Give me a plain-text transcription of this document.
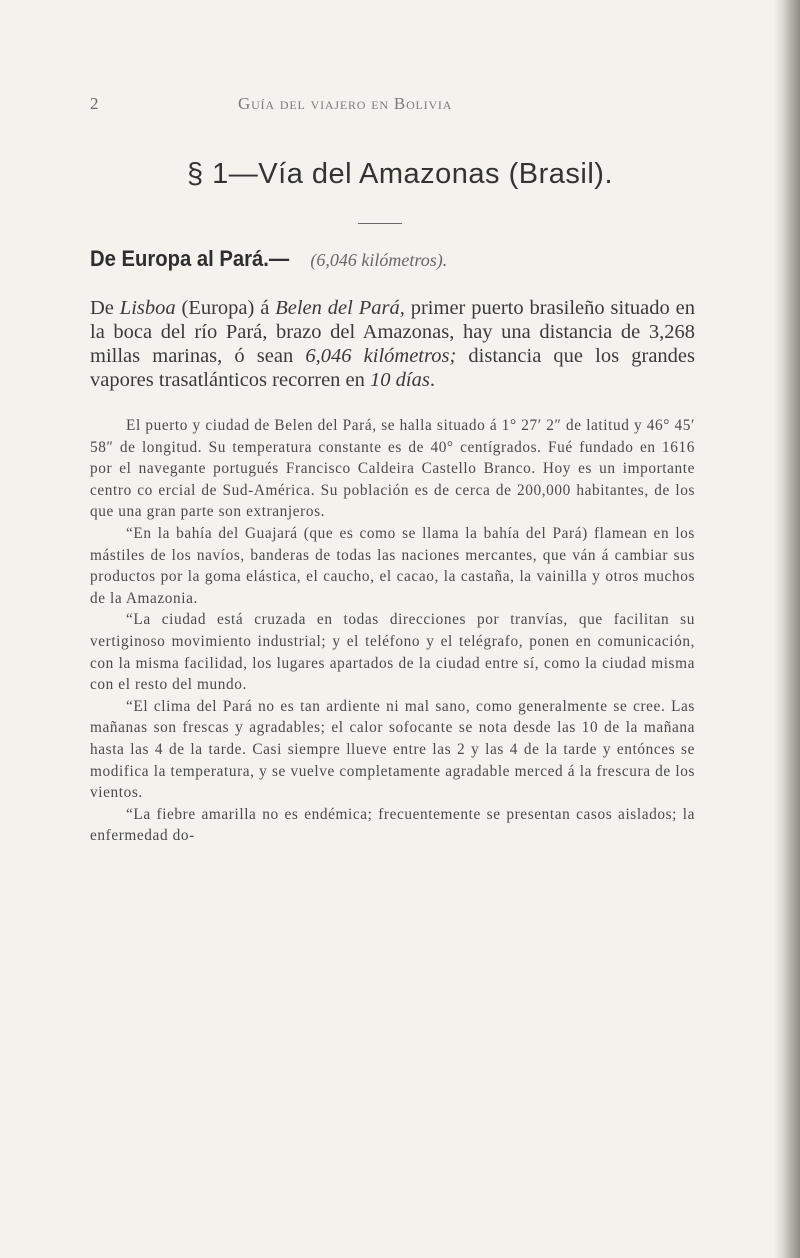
2	Guía del viajero en Bolivia
§ 1—Vía del Amazonas (Brasil).
De Europa al Pará.— (6,046 kilómetros).
De Lisboa (Europa) á Belen del Pará, primer puerto brasileño situado en la boca del río Pará, brazo del Amazonas, hay una distancia de 3,268 millas marinas, ó sean 6,046 kilómetros; distancia que los grandes vapores trasatlánticos recorren en 10 días.

El puerto y ciudad de Belen del Pará, se halla situado á 1° 27′ 2″ de latitud y 46° 45′ 58″ de longitud. Su temperatura constante es de 40° centígrados. Fué fundado en 1616 por el navegante portugués Francisco Caldeira Castello Branco. Hoy es un importante centro co ercial de Sud-América. Su población es de cerca de 200,000 habitantes, de los que una gran parte son extranjeros.

“En la bahía del Guajará (que es como se llama la bahía del Pará) flamean en los mástiles de los navíos, banderas de todas las naciones mercantes, que ván á cambiar sus productos por la goma elástica, el caucho, el cacao, la castaña, la vainilla y otros muchos de la Amazonia.

“La ciudad está cruzada en todas direcciones por tranvías, que facilitan su vertiginoso movimiento industrial; y el teléfono y el telégrafo, ponen en comunicación, con la misma facilidad, los lugares apartados de la ciudad entre sí, como la ciudad misma con el resto del mundo.

“El clima del Pará no es tan ardiente ni mal sano, como generalmente se cree. Las mañanas son frescas y agradables; el calor sofocante se nota desde las 10 de la mañana hasta las 4 de la tarde. Casi siempre llueve entre las 2 y las 4 de la tarde y entónces se modifica la temperatura, y se vuelve completamente agradable merced á la frescura de los vientos.

“La fiebre amarilla no es endémica; frecuentemente se presentan casos aislados; la enfermedad do-
